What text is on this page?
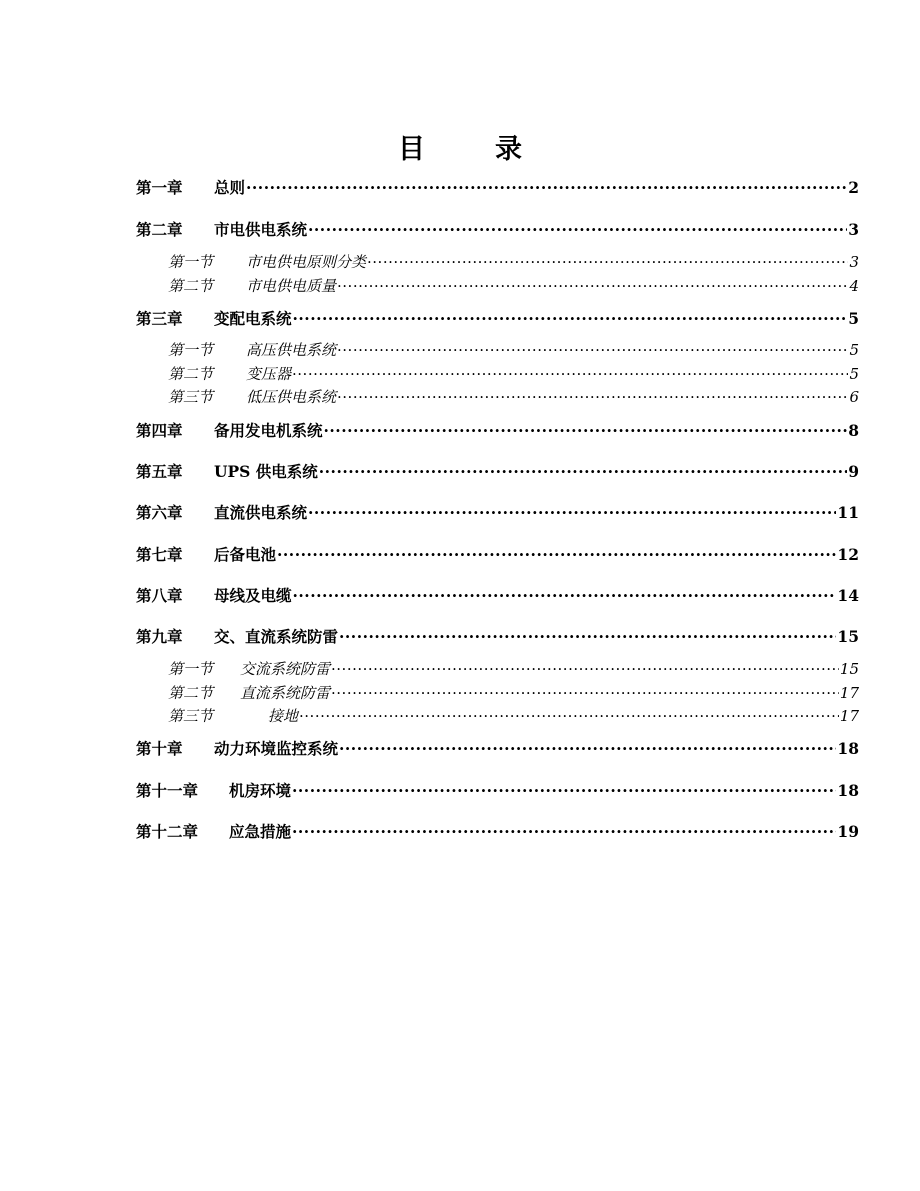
目	录
第一章	总则 .....	2
第二章	市电供电系统 .....	3
第一节	市电供电原则分类 .....	3
第二节	市电供电质量 .....	4
第三章	变配电系统 .....	5
第一节	高压供电系统 .....	5
第二节	变压器 .....	5
第三节	低压供电系统 .....	6
第四章	备用发电机系统 .....	8
第五章	UPS 供电系统 .....	9
第六章	直流供电系统 .....	11
第七章	后备电池 .....	12
第八章	母线及电缆 .....	14
第九章	交、直流系统防雷 .....	15
第一节	交流系统防雷 .....	15
第二节	直流系统防雷 .....	17
第三节	接地 .....	17
第十章	动力环境监控系统 .....	18
第十一章	机房环境 .....	18
第十二章	应急措施 .....	19
